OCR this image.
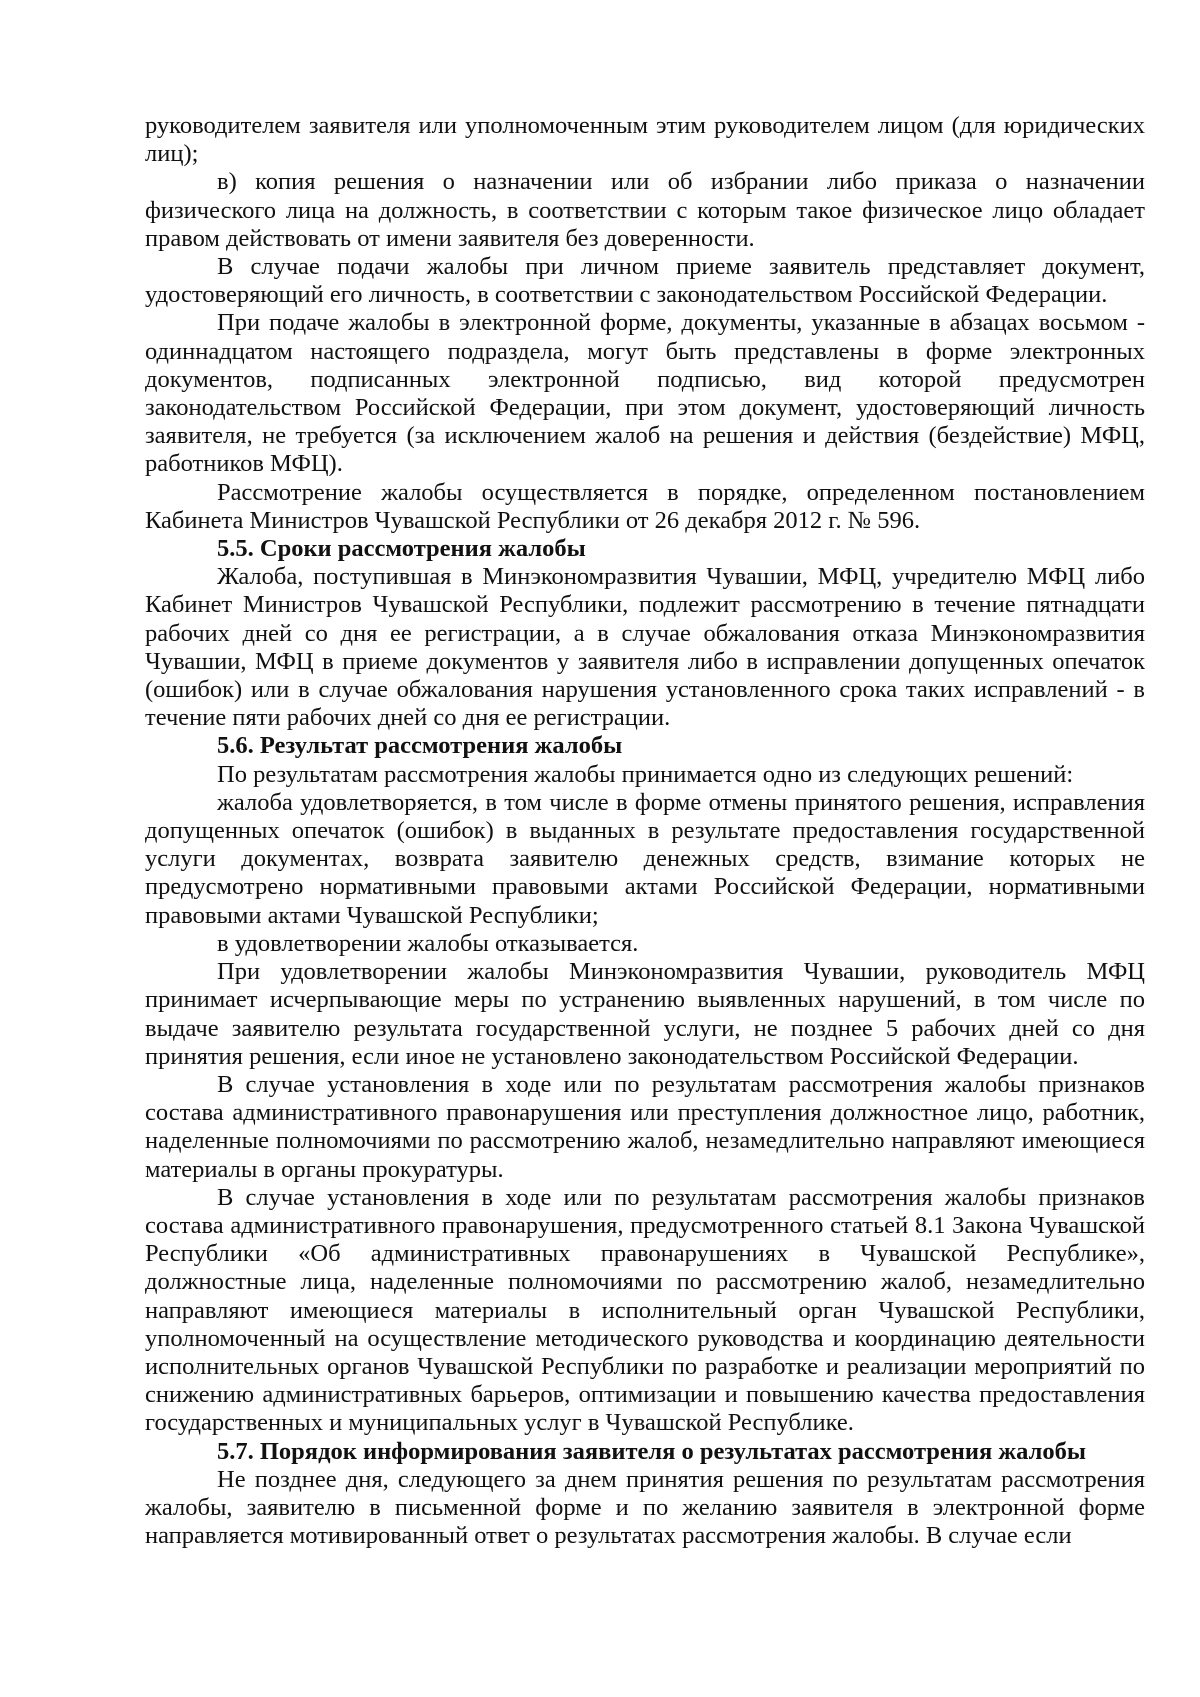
руководителем заявителя или уполномоченным этим руководителем лицом (для юридических лиц);

в) копия решения о назначении или об избрании либо приказа о назначении физического лица на должность, в соответствии с которым такое физическое лицо обладает правом действовать от имени заявителя без доверенности.

В случае подачи жалобы при личном приеме заявитель представляет документ, удостоверяющий его личность, в соответствии с законодательством Российской Федерации.

При подаче жалобы в электронной форме, документы, указанные в абзацах восьмом - одиннадцатом настоящего подраздела, могут быть представлены в форме электронных документов, подписанных электронной подписью, вид которой предусмотрен законодательством Российской Федерации, при этом документ, удостоверяющий личность заявителя, не требуется (за исключением жалоб на решения и действия (бездействие) МФЦ, работников МФЦ).

Рассмотрение жалобы осуществляется в порядке, определенном постановлением Кабинета Министров Чувашской Республики от 26 декабря 2012 г. № 596.

5.5. Сроки рассмотрения жалобы

Жалоба, поступившая в Минэкономразвития Чувашии, МФЦ, учредителю МФЦ либо Кабинет Министров Чувашской Республики, подлежит рассмотрению в течение пятнадцати рабочих дней со дня ее регистрации, а в случае обжалования отказа Минэкономразвития Чувашии, МФЦ в приеме документов у заявителя либо в исправлении допущенных опечаток (ошибок) или в случае обжалования нарушения установленного срока таких исправлений - в течение пяти рабочих дней со дня ее регистрации.

5.6. Результат рассмотрения жалобы

По результатам рассмотрения жалобы принимается одно из следующих решений:

жалоба удовлетворяется, в том числе в форме отмены принятого решения, исправления допущенных опечаток (ошибок) в выданных в результате предоставления государственной услуги документах, возврата заявителю денежных средств, взимание которых не предусмотрено нормативными правовыми актами Российской Федерации, нормативными правовыми актами Чувашской Республики;

в удовлетворении жалобы отказывается.

При удовлетворении жалобы Минэкономразвития Чувашии, руководитель МФЦ принимает исчерпывающие меры по устранению выявленных нарушений, в том числе по выдаче заявителю результата государственной услуги, не позднее 5 рабочих дней со дня принятия решения, если иное не установлено законодательством Российской Федерации.

В случае установления в ходе или по результатам рассмотрения жалобы признаков состава административного правонарушения или преступления должностное лицо, работник, наделенные полномочиями по рассмотрению жалоб, незамедлительно направляют имеющиеся материалы в органы прокуратуры.

В случае установления в ходе или по результатам рассмотрения жалобы признаков состава административного правонарушения, предусмотренного статьей 8.1 Закона Чувашской Республики «Об административных правонарушениях в Чувашской Республике», должностные лица, наделенные полномочиями по рассмотрению жалоб, незамедлительно направляют имеющиеся материалы в исполнительный орган Чувашской Республики, уполномоченный на осуществление методического руководства и координацию деятельности исполнительных органов Чувашской Республики по разработке и реализации мероприятий по снижению административных барьеров, оптимизации и повышению качества предоставления государственных и муниципальных услуг в Чувашской Республике.

5.7. Порядок информирования заявителя о результатах рассмотрения жалобы

Не позднее дня, следующего за днем принятия решения по результатам рассмотрения жалобы, заявителю в письменной форме и по желанию заявителя в электронной форме направляется мотивированный ответ о результатах рассмотрения жалобы. В случае если
